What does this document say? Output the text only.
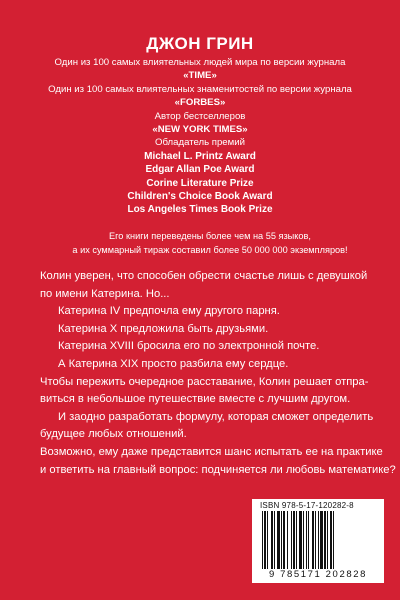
ДЖОН ГРИН
Один из 100 самых влиятельных людей мира по версии журнала
«TIME»
Один из 100 самых влиятельных знаменитостей по версии журнала
«FORBES»
Автор бестселлеров
«NEW YORK TIMES»
Обладатель премий
Michael L. Printz Award
Edgar Allan Poe Award
Corine Literature Prize
Children's Choice Book Award
Los Angeles Times Book Prize
Его книги переведены более чем на 55 языков,
а их суммарный тираж составил более 50 000 000 экземпляров!
Колин уверен, что способен обрести счастье лишь с девушкой
по имени Катерина. Но...
Катерина IV предпочла ему другого парня.
Катерина X предложила быть друзьями.
Катерина XVIII бросила его по электронной почте.
А Катерина XIX просто разбила ему сердце.
Чтобы пережить очередное расставание, Колин решает отпра-
виться в небольшое путешествие вместе с лучшим другом.
И заодно разработать формулу, которая сможет определить
будущее любых отношений.
Возможно, ему даже представится шанс испытать ее на практике
и ответить на главный вопрос: подчиняется ли любовь математике?
ISBN 978-5-17-120282-8
9 785171 202828
